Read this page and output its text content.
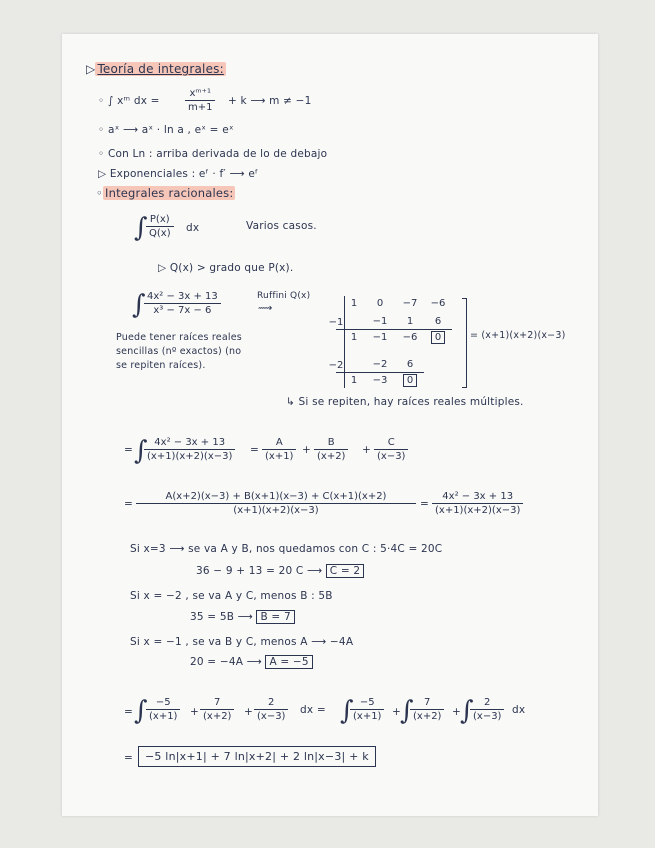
▷ Teoría de integrales:
◦ ∫ xᵐ dx =	$\frac{\text{xᵐ⁺¹}}{m+1} + k$ ⟶ m ≠ −1
◦ aˣ ⟶ aˣ · ln a , eˣ = eˣ
◦ Con Ln : arriba derivada de lo de debajo
▷ Exponenciales : eᶠ · f′ ⟶ eᶠ
◦ Integrales racionales:
∫
$\frac{P(x)}{Q(x)}$ dx	Varios casos.
▷ Q(x) > grado que P(x).
∫
$\frac{\text{4x² − 3x + 13}}{\text{x³ − 7x − 6}}$	Ruffini Q(x)
⟿
Puede tener raíces reales
sencillas (nº exactos) (no
se repiten raíces).
1	0	−7	−6
−1	−1	1	6
1	−1	−6	0
−2	−2	6
1	−3	0
= (x+1)(x+2)(x−3)
↳ Si se repiten, hay raíces reales múltiples.
= ∫
$\frac{\text{4x² − 3x + 13}}{(x+1)(x+2)(x-3)} = \frac{A}{(x+1)} + \frac{B}{(x+2)} + \frac{C}{(x-3)}$
= $\frac{A(x+2)(x-3) + B(x+1)(x-3) + C(x+1)(x+2)}{(x+1)(x+2)(x-3)} = \frac{\text{4x² − 3x + 13}}{(x+1)(x+2)(x-3)}$
Si x=3 ⟶ se va A y B, nos quedamos con C : 5·4C = 20C
36 − 9 + 13 = 20 C ⟶ C = 2
Si x = −2 , se va A y C, menos B : 5B
35 = 5B ⟶ B = 7
Si x = −1 , se va B y C, menos A ⟶ −4A
20 = −4A ⟶ A = −5
= ∫
$\frac{-5}{(x+1)} + \frac{7}{(x+2)} + \frac{2}{(x-3)}$ dx = ∫
$\frac{-5}{(x+1)}$ + ∫
$\frac{7}{(x+2)}$ + ∫
$\frac{2}{(x-3)}$ dx
=	−5 ln|x+1| + 7 ln|x+2| + 2 ln|x−3| + k
